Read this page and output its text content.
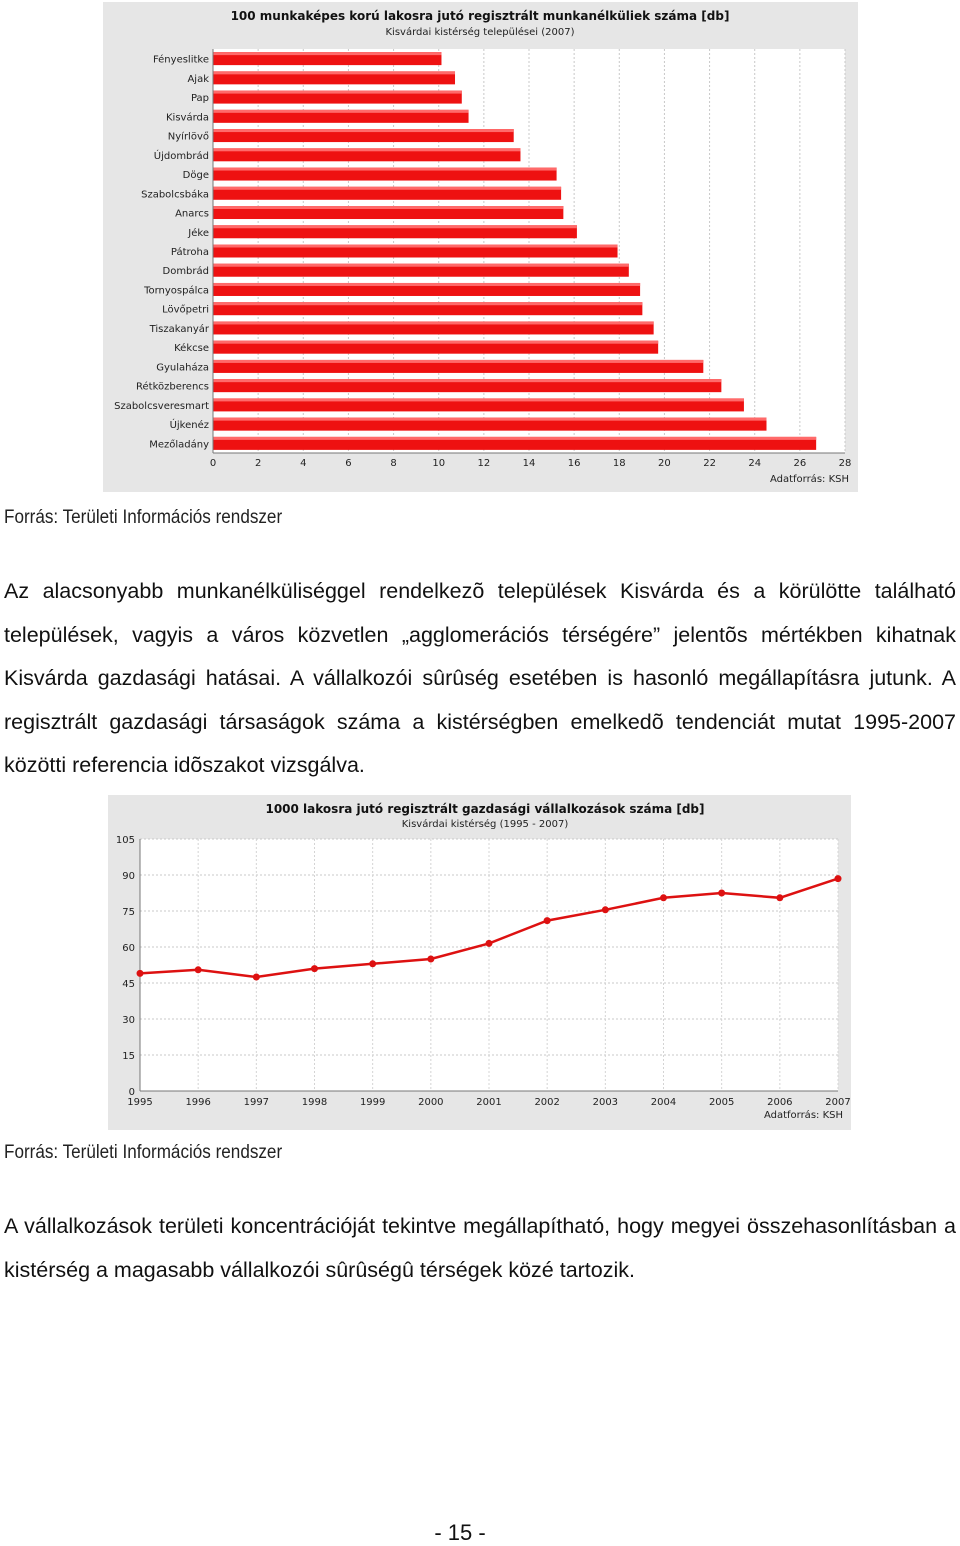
0	2	4	6	8	10	12	14	16	18	20	22	24	26	28
Fényeslitke
Ajak
Pap
Kisvárda
Nyírlövő
Újdombrád
Döge
Szabolcsbáka
Anarcs
Jéke
Pátroha
Dombrád
Tornyospálca
Lövőpetri
Tiszakanyár
Kékcse
Gyulaháza
Rétközberencs
Szabolcsveresmart
Újkenéz
Mezőladány
100 munkaképes korú lakosra jutó regisztrált munkanélküliek száma [db]
Kisvárdai kistérség települései (2007)
Adatforrás: KSH
Forrás: Területi Információs rendszer
Az alacsonyabb munkanélküliséggel rendelkezõ települések Kisvárda és a körülötte található települések, vagyis a város közvetlen „agglomerációs térségére” jelentõs mértékben kihatnak Kisvárda gazdasági hatásai. A vállalkozói sûrûség esetében is hasonló megállapításra jutunk. A regisztrált gazdasági társaságok száma a kistérségben emelkedõ tendenciát mutat 1995-2007 közötti referencia idõszakot vizsgálva.
105
90
75
60
45
30
15
0
1995	1996	1997	1998	1999	2000	2001	2002	2003	2004	2005	2006	2007
1000 lakosra jutó regisztrált gazdasági vállalkozások száma [db]
Kisvárdai kistérség (1995 - 2007)
Adatforrás: KSH
Forrás: Területi Információs rendszer
A vállalkozások területi koncentrációját tekintve megállapítható, hogy megyei összehasonlításban a kistérség a magasabb vállalkozói sûrûségû térségek közé tartozik.
- 15 -
